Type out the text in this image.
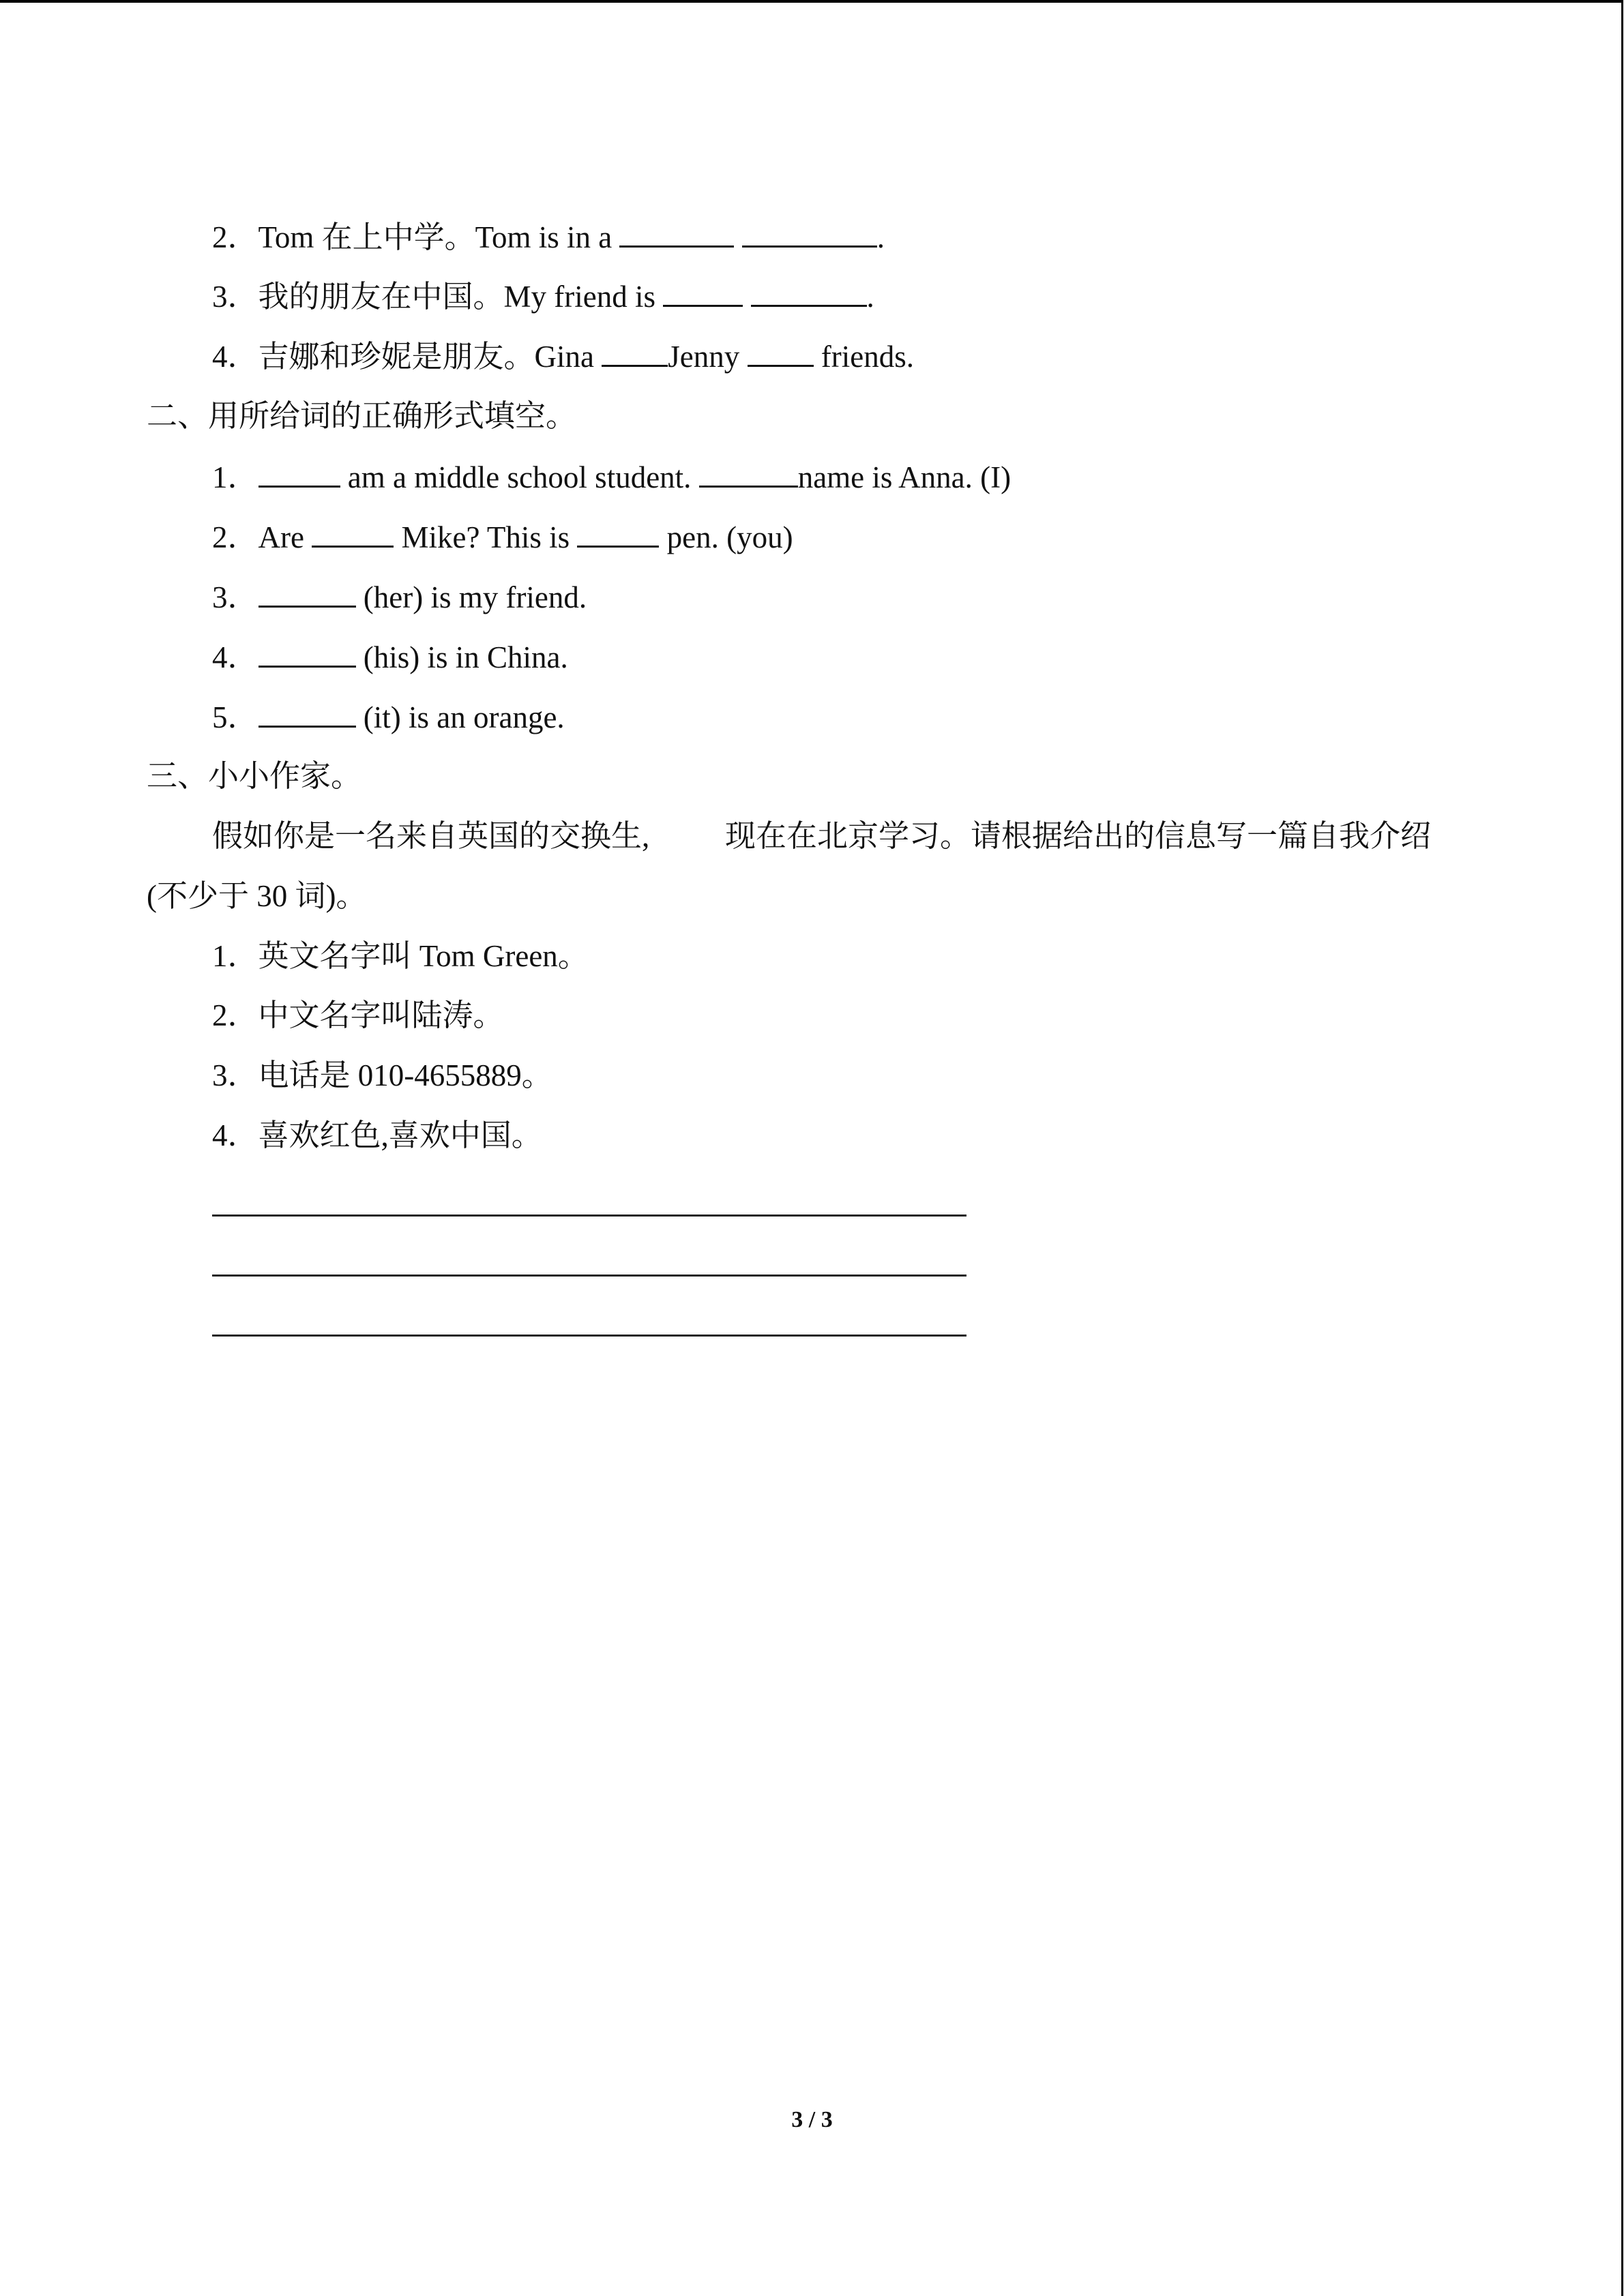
2．Tom 在上中学。Tom is in a	.
3．我的朋友在中国。My friend is	.
4．吉娜和珍妮是朋友。Gina Jenny  friends.
二、用所给词的正确形式填空。
1．	am a middle school student.	name is Anna. (I)
2．Are	Mike? This is	pen. (you)
3．	(her) is my friend.
4．	(his) is in China.
5．	(it) is an orange.
三、小小作家。
假如你是一名来自英国的交换生, 现在在北京学习。请根据给出的信息写一篇自我介绍
(不少于 30 词)。
1．英文名字叫 Tom Green。
2．中文名字叫陆涛。
3．电话是 010-4655889。
4．喜欢红色,喜欢中国。
3 / 3
